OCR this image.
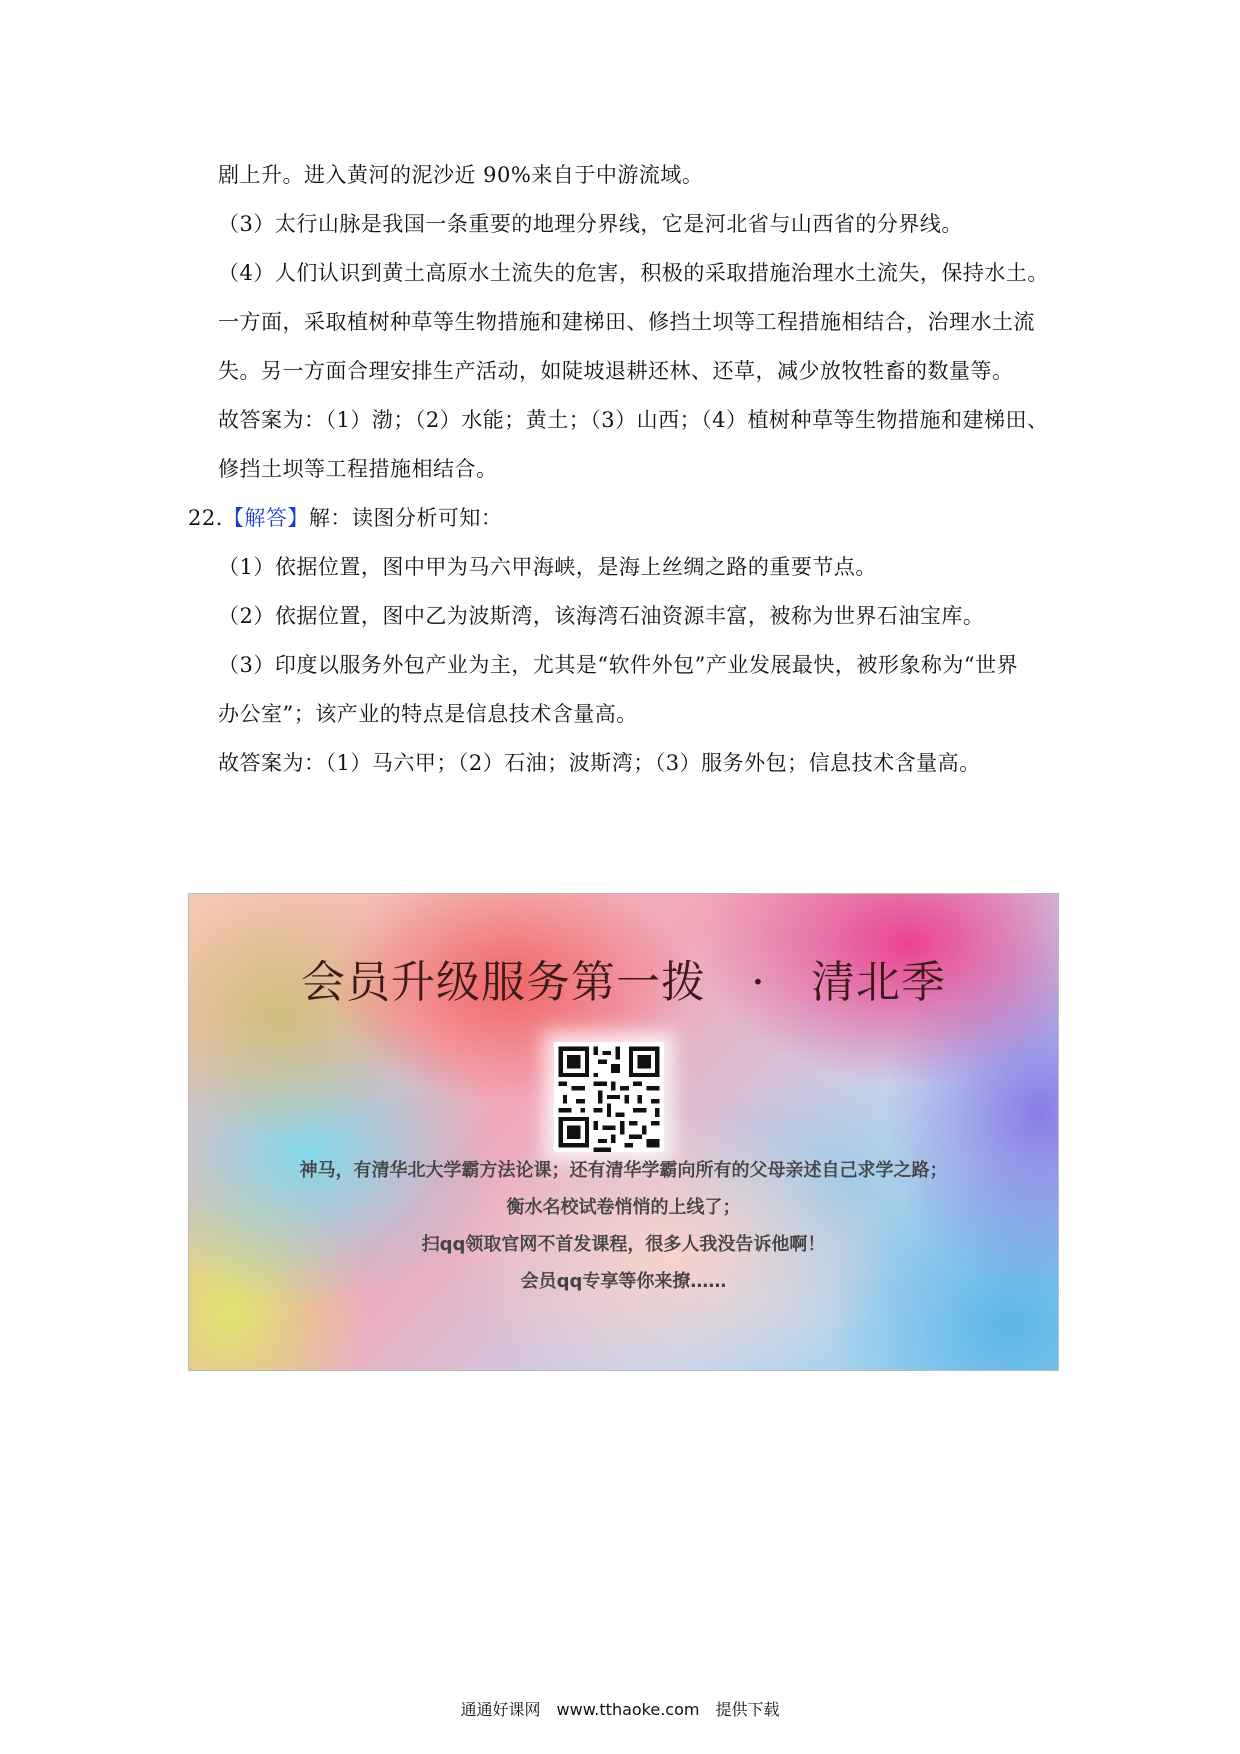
剧上升。进入黄河的泥沙近 90%来自于中游流域。
（3）太行山脉是我国一条重要的地理分界线，它是河北省与山西省的分界线。
（4）人们认识到黄土高原水土流失的危害，积极的采取措施治理水土流失，保持水土。
一方面，采取植树种草等生物措施和建梯田、修挡土坝等工程措施相结合，治理水土流
失。另一方面合理安排生产活动，如陡坡退耕还林、还草，减少放牧牲畜的数量等。
故答案为：（1）渤；（2）水能；黄土；（3）山西；（4）植树种草等生物措施和建梯田、
修挡土坝等工程措施相结合。
22.【解答】解：读图分析可知：
（1）依据位置，图中甲为马六甲海峡，是海上丝绸之路的重要节点。
（2）依据位置，图中乙为波斯湾，该海湾石油资源丰富，被称为世界石油宝库。
（3）印度以服务外包产业为主，尤其是“软件外包”产业发展最快，被形象称为“世界
办公室”；该产业的特点是信息技术含量高。
故答案为：（1）马六甲；（2）石油；波斯湾；（3）服务外包；信息技术含量高。
会员升级服务第一拨　·　清北季
神马，有清华北大学霸方法论课；还有清华学霸向所有的父母亲述自己求学之路；
衡水名校试卷悄悄的上线了；
扫qq领取官网不首发课程，很多人我没告诉他啊！
会员qq专享等你来撩……
通通好课网　www.tthaoke.com　提供下载
